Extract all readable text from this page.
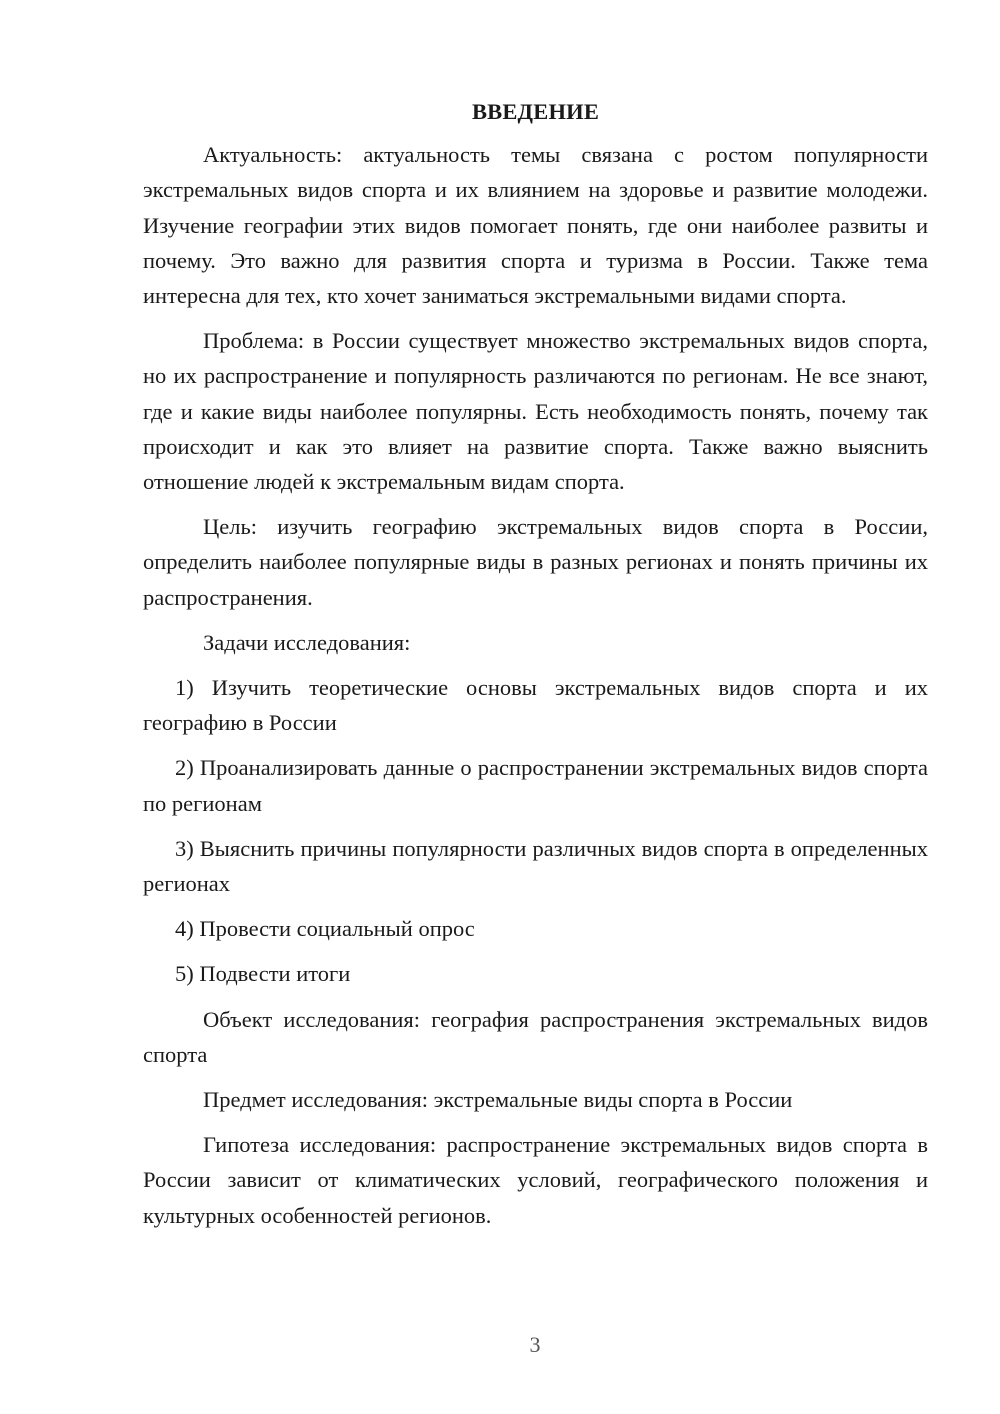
ВВЕДЕНИЕ

Актуальность: актуальность темы связана с ростом популярности экстремальных видов спорта и их влиянием на здоровье и развитие молодежи. Изучение географии этих видов помогает понять, где они наиболее развиты и почему. Это важно для развития спорта и туризма в России. Также тема интересна для тех, кто хочет заниматься экстремальными видами спорта.

Проблема: в России существует множество экстремальных видов спорта, но их распространение и популярность различаются по регионам. Не все знают, где и какие виды наиболее популярны. Есть необходимость понять, почему так происходит и как это влияет на развитие спорта. Также важно выяснить отношение людей к экстремальным видам спорта.

Цель: изучить географию экстремальных видов спорта в России, определить наиболее популярные виды в разных регионах и понять причины их распространения.

Задачи исследования:

1) Изучить теоретические основы экстремальных видов спорта и их географию в России

2) Проанализировать данные о распространении экстремальных видов спорта по регионам

3) Выяснить причины популярности различных видов спорта в определенных регионах

4) Провести социальный опрос

5) Подвести итоги

Объект исследования: география распространения экстремальных видов спорта

Предмет исследования: экстремальные виды спорта в России

Гипотеза исследования: распространение экстремальных видов спорта в России зависит от климатических условий, географического положения и культурных особенностей регионов.

3
